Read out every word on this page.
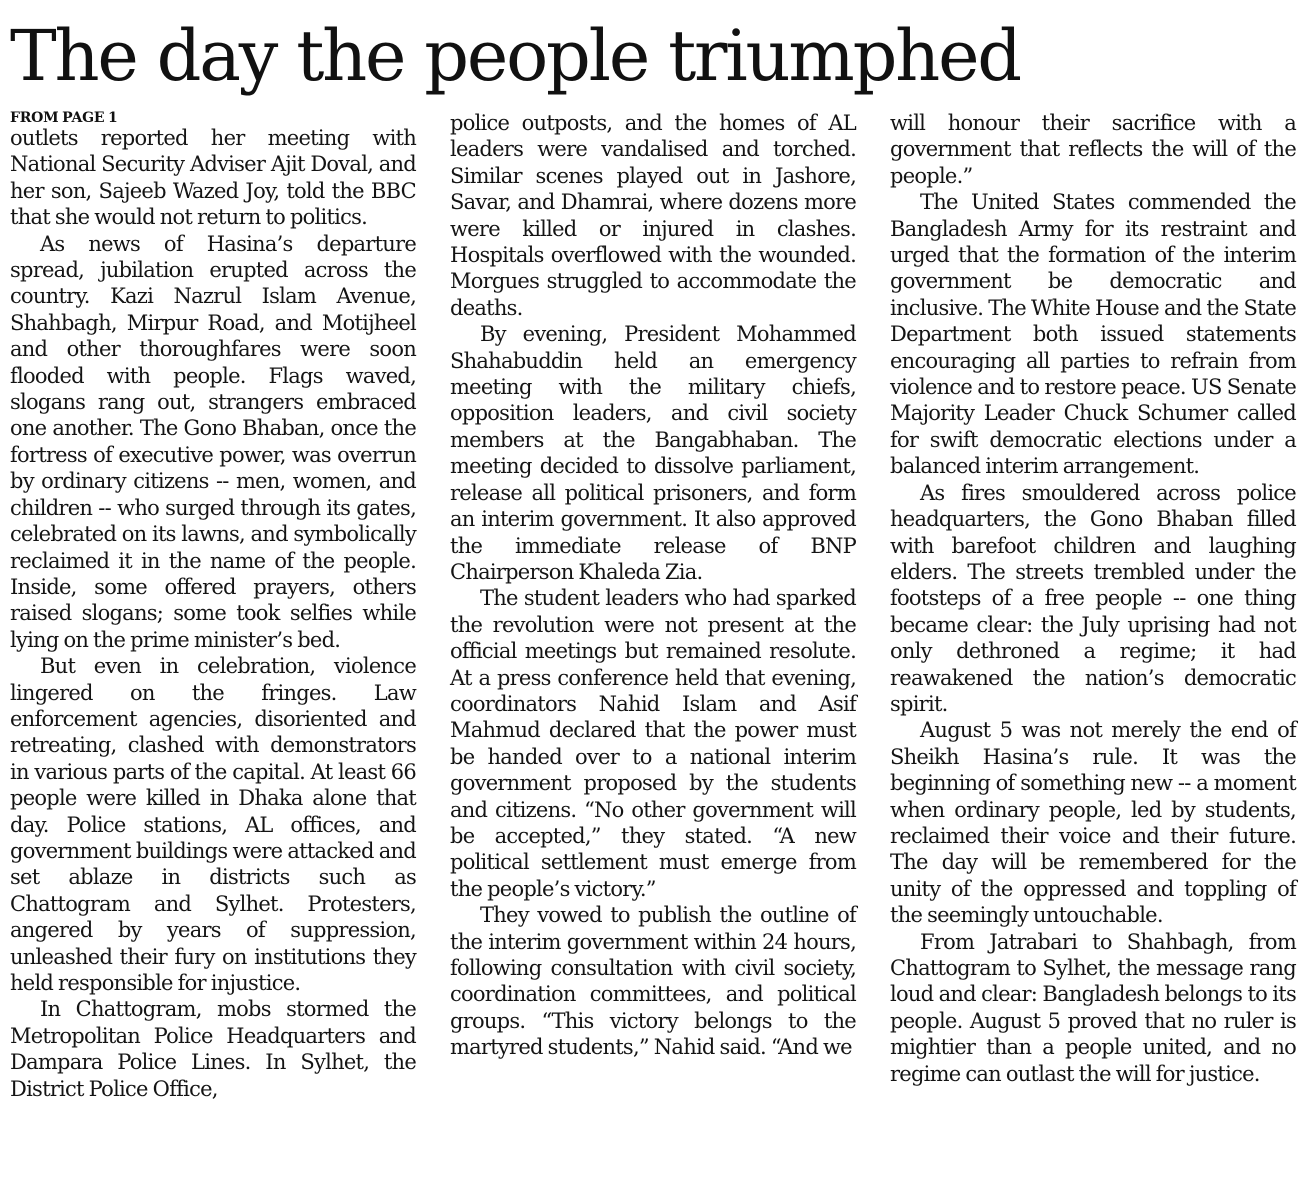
The day the people triumphed
FROM PAGE 1

outlets reported her meeting with National Security Adviser Ajit Doval, and her son, Sajeeb Wazed Joy, told the BBC that she would not return to politics.

As news of Hasina’s departure spread, jubilation erupted across the country. Kazi Nazrul Islam Avenue, Shahbagh, Mirpur Road, and Motijheel and other thoroughfares were soon flooded with people. Flags waved, slogans rang out, strangers embraced one another. The Gono Bhaban, once the fortress of executive power, was overrun by ordinary citizens -- men, women, and children -- who surged through its gates, celebrated on its lawns, and symbolically reclaimed it in the name of the people. Inside, some offered prayers, others raised slogans; some took selfies while lying on the prime minister’s bed.

But even in celebration, violence lingered on the fringes. Law enforcement agencies, disoriented and retreating, clashed with demonstrators in various parts of the capital. At least 66 people were killed in Dhaka alone that day. Police stations, AL offices, and government buildings were attacked and set ablaze in districts such as Chattogram and Sylhet. Protesters, angered by years of suppression, unleashed their fury on institutions they held responsible for injustice.

In Chattogram, mobs stormed the Metropolitan Police Headquarters and Dampara Police Lines. In Sylhet, the District Police Office,

police outposts, and the homes of AL leaders were vandalised and torched. Similar scenes played out in Jashore, Savar, and Dhamrai, where dozens more were killed or injured in clashes. Hospitals overflowed with the wounded. Morgues struggled to accommodate the deaths.

By evening, President Mohammed Shahabuddin held an emergency meeting with the military chiefs, opposition leaders, and civil society members at the Bangabhaban. The meeting decided to dissolve parliament, release all political prisoners, and form an interim government. It also approved the immediate release of BNP Chairperson Khaleda Zia.

The student leaders who had sparked the revolution were not present at the official meetings but remained resolute. At a press conference held that evening, coordinators Nahid Islam and Asif Mahmud declared that the power must be handed over to a national interim government proposed by the students and citizens. “No other government will be accepted,” they stated. “A new political settlement must emerge from the people’s victory.”

They vowed to publish the outline of the interim government within 24 hours, following consultation with civil society, coordination committees, and political groups. “This victory belongs to the martyred students,” Nahid said. “And we

will honour their sacrifice with a government that reflects the will of the people.”

The United States commended the Bangladesh Army for its restraint and urged that the formation of the interim government be democratic and inclusive. The White House and the State Department both issued statements encouraging all parties to refrain from violence and to restore peace. US Senate Majority Leader Chuck Schumer called for swift democratic elections under a balanced interim arrangement.

As fires smouldered across police headquarters, the Gono Bhaban filled with barefoot children and laughing elders. The streets trembled under the footsteps of a free people -- one thing became clear: the July uprising had not only dethroned a regime; it had reawakened the nation’s democratic spirit.

August 5 was not merely the end of Sheikh Hasina’s rule. It was the beginning of something new -- a moment when ordinary people, led by students, reclaimed their voice and their future. The day will be remembered for the unity of the oppressed and toppling of the seemingly untouchable.

From Jatrabari to Shahbagh, from Chattogram to Sylhet, the message rang loud and clear: Bangladesh belongs to its people. August 5 proved that no ruler is mightier than a people united, and no regime can outlast the will for justice.
